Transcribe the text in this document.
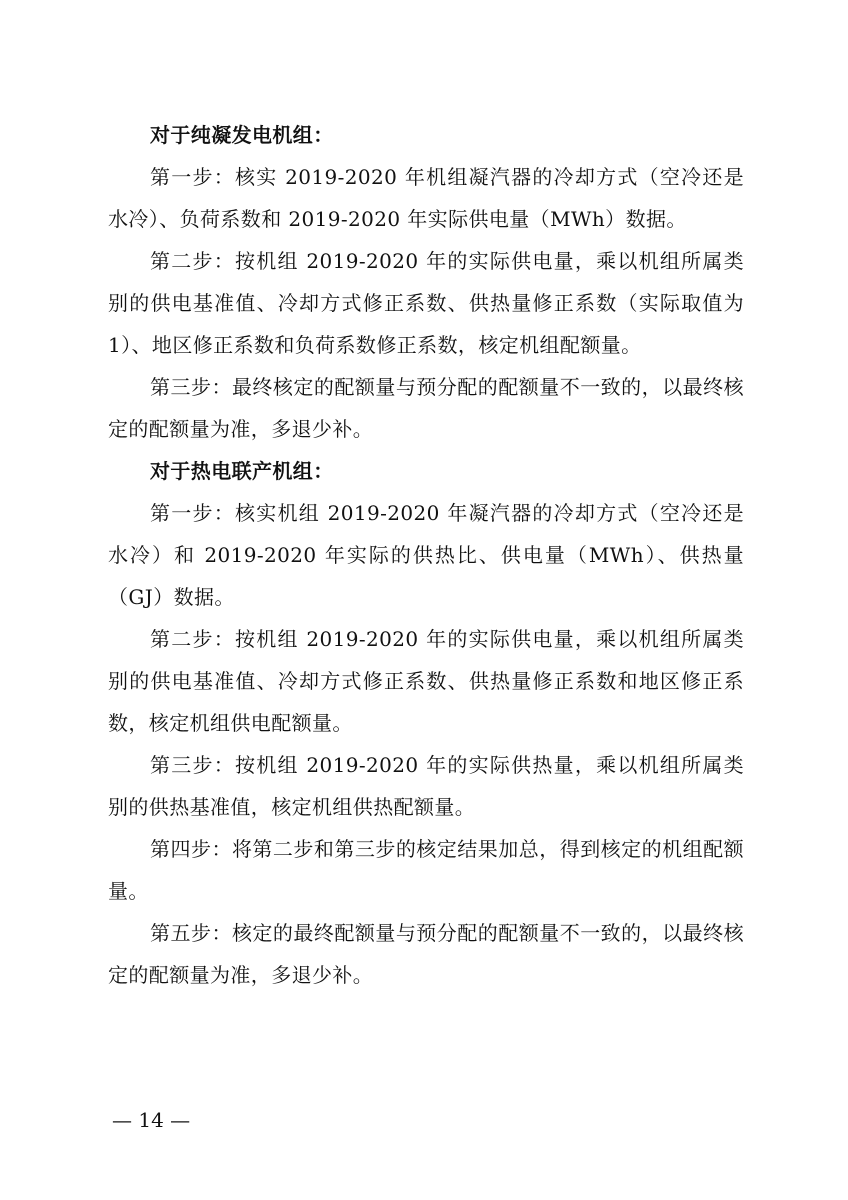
对于纯凝发电机组：

第一步：核实 2019-2020 年机组凝汽器的冷却方式（空冷还是水冷）、负荷系数和 2019-2020 年实际供电量（MWh）数据。

第二步：按机组 2019-2020 年的实际供电量，乘以机组所属类别的供电基准值、冷却方式修正系数、供热量修正系数（实际取值为 1）、地区修正系数和负荷系数修正系数，核定机组配额量。

第三步：最终核定的配额量与预分配的配额量不一致的，以最终核定的配额量为准，多退少补。

对于热电联产机组：

第一步：核实机组 2019-2020 年凝汽器的冷却方式（空冷还是水冷）和 2019-2020 年实际的供热比、供电量（MWh）、供热量（GJ）数据。

第二步：按机组 2019-2020 年的实际供电量，乘以机组所属类别的供电基准值、冷却方式修正系数、供热量修正系数和地区修正系数，核定机组供电配额量。

第三步：按机组 2019-2020 年的实际供热量，乘以机组所属类别的供热基准值，核定机组供热配额量。

第四步：将第二步和第三步的核定结果加总，得到核定的机组配额量。

第五步：核定的最终配额量与预分配的配额量不一致的，以最终核定的配额量为准，多退少补。

— 14 —
